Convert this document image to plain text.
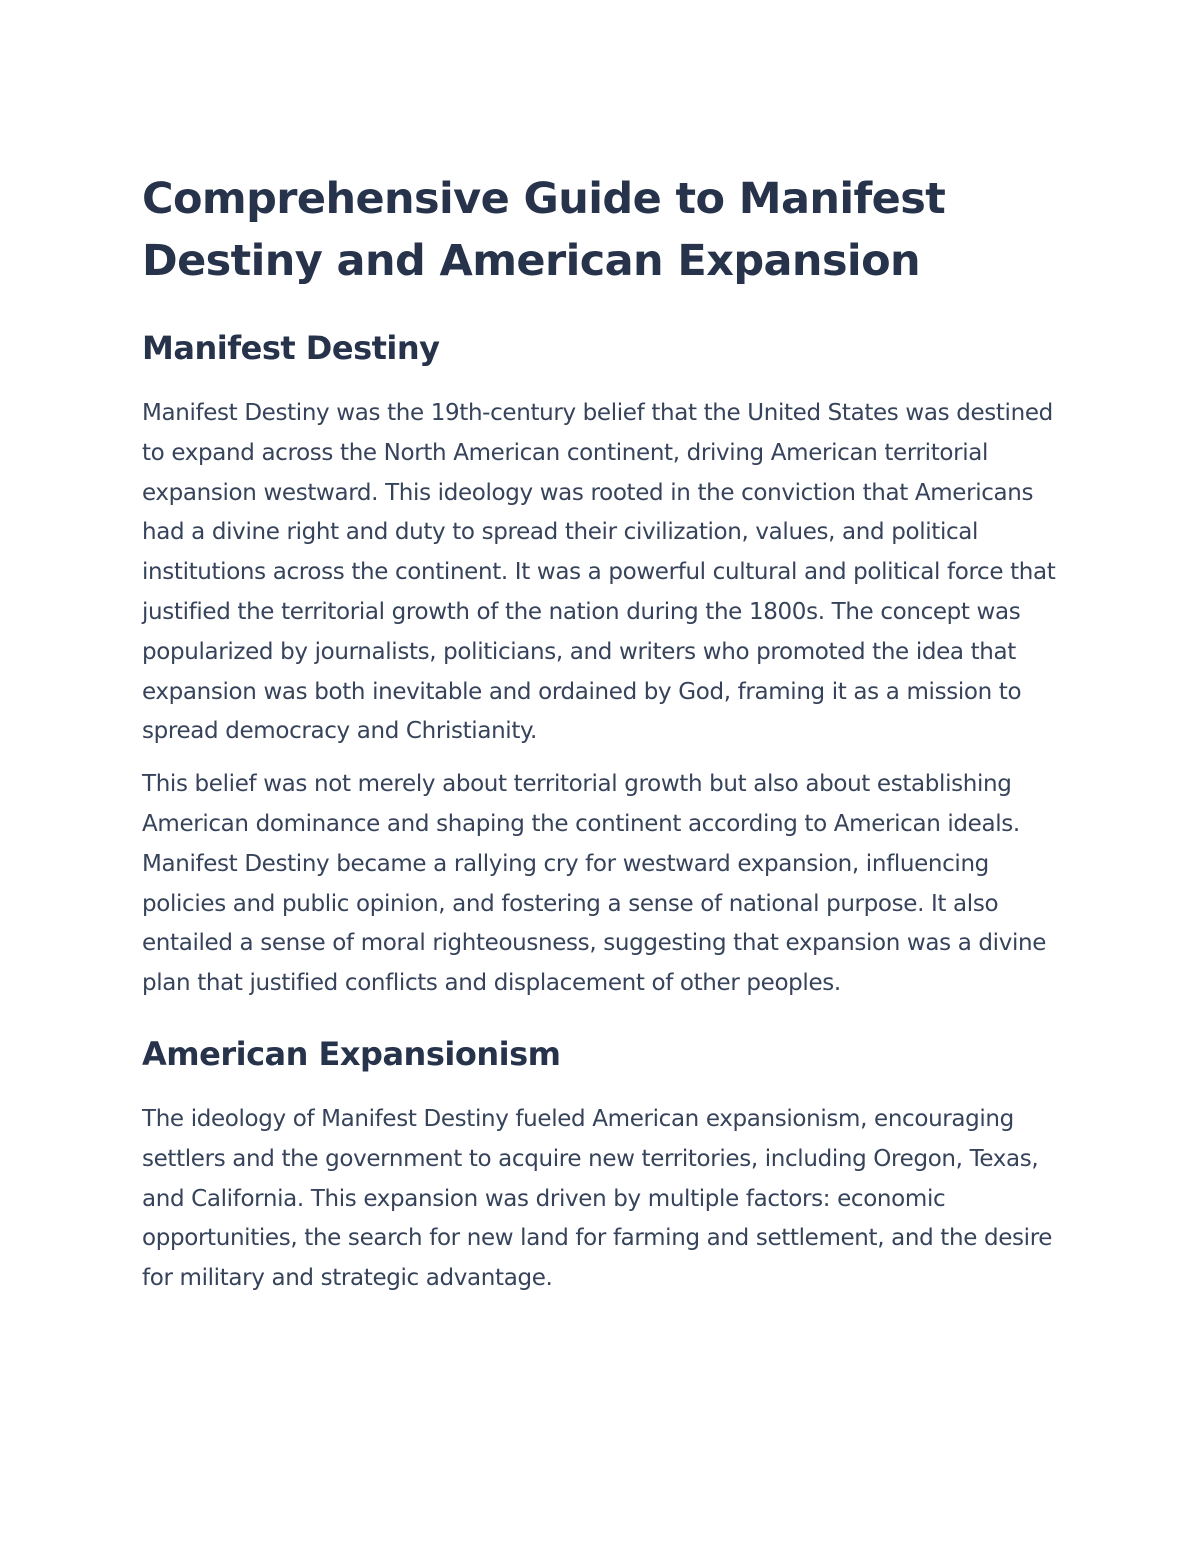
Comprehensive Guide to Manifest Destiny and American Expansion
Manifest Destiny

Manifest Destiny was the 19th-century belief that the United States was destined to expand across the North American continent, driving American territorial expansion westward. This ideology was rooted in the conviction that Americans had a divine right and duty to spread their civilization, values, and political institutions across the continent. It was a powerful cultural and political force that justified the territorial growth of the nation during the 1800s. The concept was popularized by journalists, politicians, and writers who promoted the idea that expansion was both inevitable and ordained by God, framing it as a mission to spread democracy and Christianity.

This belief was not merely about territorial growth but also about establishing American dominance and shaping the continent according to American ideals. Manifest Destiny became a rallying cry for westward expansion, influencing policies and public opinion, and fostering a sense of national purpose. It also entailed a sense of moral righteousness, suggesting that expansion was a divine plan that justified conflicts and displacement of other peoples.

American Expansionism

The ideology of Manifest Destiny fueled American expansionism, encouraging settlers and the government to acquire new territories, including Oregon, Texas, and California. This expansion was driven by multiple factors: economic opportunities, the search for new land for farming and settlement, and the desire for military and strategic advantage.
